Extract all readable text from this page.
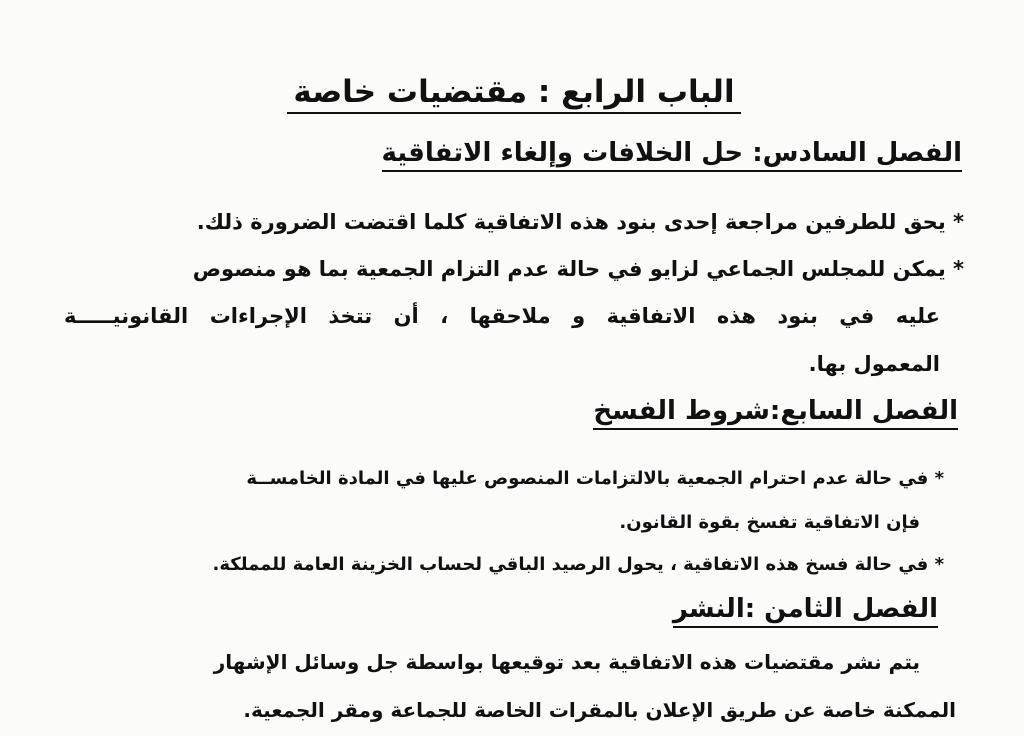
الباب الرابع : مقتضيات خاصة
الفصل السادس: حل الخلافات وإلغاء الاتفاقية
* يحق للطرفين مراجعة إحدى بنود هذه الاتفاقية كلما اقتضت الضرورة ذلك.
* يمكن للمجلس الجماعي لزايو في حالة عدم التزام الجمعية بما هو منصوص
عليه في بنود هذه الاتفاقية و ملاحقها ، أن تتخذ الإجراءات القانونيـــــة
المعمول بها.
الفصل السابع:شروط الفسخ
* في حالة عدم احترام الجمعية بالالتزامات المنصوص عليها في المادة الخامســة
فإن الاتفاقية تفسخ بقوة القانون.
* في حالة فسخ هذه الاتفاقية ، يحول الرصيد الباقي لحساب الخزينة العامة للمملكة.
الفصل الثامن :النشر
يتم نشر مقتضيات هذه الاتفاقية بعد توقيعها بواسطة جل وسائل الإشهار
الممكنة خاصة عن طريق الإعلان بالمقرات الخاصة للجماعة ومقر الجمعية.
